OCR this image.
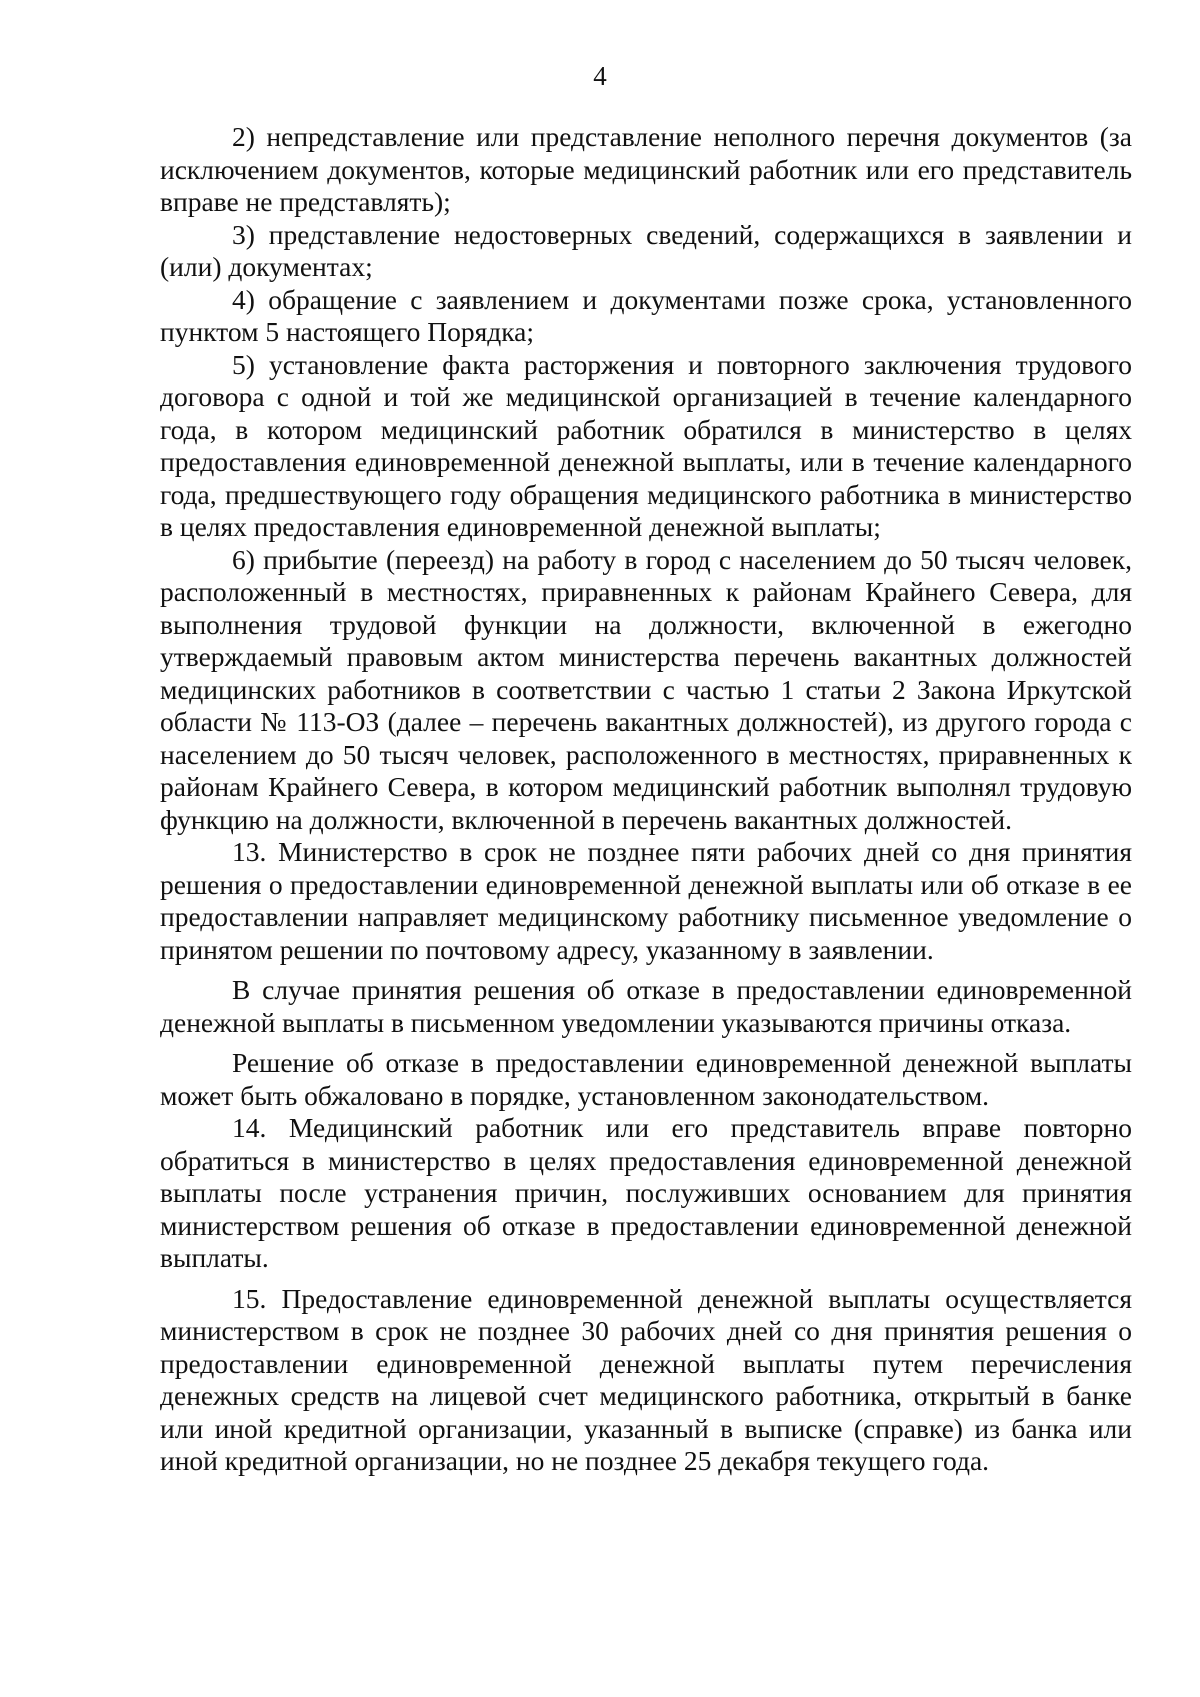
4

2) непредставление или представление неполного перечня документов (за исключением документов, которые медицинский работник или его представитель вправе не представлять);

3) представление недостоверных сведений, содержащихся в заявлении и (или) документах;

4) обращение с заявлением и документами позже срока, установленного пунктом 5 настоящего Порядка;

5) установление факта расторжения и повторного заключения трудового договора с одной и той же медицинской организацией в течение календарного года, в котором медицинский работник обратился в министерство в целях предоставления единовременной денежной выплаты, или в течение календарного года, предшествующего году обращения медицинского работника в министерство в целях предоставления единовременной денежной выплаты;

6) прибытие (переезд) на работу в город с населением до 50 тысяч человек, расположенный в местностях, приравненных к районам Крайнего Севера, для выполнения трудовой функции на должности, включенной в ежегодно утверждаемый правовым актом министерства перечень вакантных должностей медицинских работников в соответствии с частью 1 статьи 2 Закона Иркутской области № 113-ОЗ (далее – перечень вакантных должностей), из другого города с населением до 50 тысяч человек, расположенного в местностях, приравненных к районам Крайнего Севера, в котором медицинский работник выполнял трудовую функцию на должности, включенной в перечень вакантных должностей.

13. Министерство в срок не позднее пяти рабочих дней со дня принятия решения о предоставлении единовременной денежной выплаты или об отказе в ее предоставлении направляет медицинскому работнику письменное уведомление о принятом решении по почтовому адресу, указанному в заявлении.

В случае принятия решения об отказе в предоставлении единовременной денежной выплаты в письменном уведомлении указываются причины отказа.

Решение об отказе в предоставлении единовременной денежной выплаты может быть обжаловано в порядке, установленном законодательством.

14. Медицинский работник или его представитель вправе повторно обратиться в министерство в целях предоставления единовременной денежной выплаты после устранения причин, послуживших основанием для принятия министерством решения об отказе в предоставлении единовременной денежной выплаты.

15. Предоставление единовременной денежной выплаты осуществляется министерством в срок не позднее 30 рабочих дней со дня принятия решения о предоставлении единовременной денежной выплаты путем перечисления денежных средств на лицевой счет медицинского работника, открытый в банке или иной кредитной организации, указанный в выписке (справке) из банка или иной кредитной организации, но не позднее 25 декабря текущего года.
